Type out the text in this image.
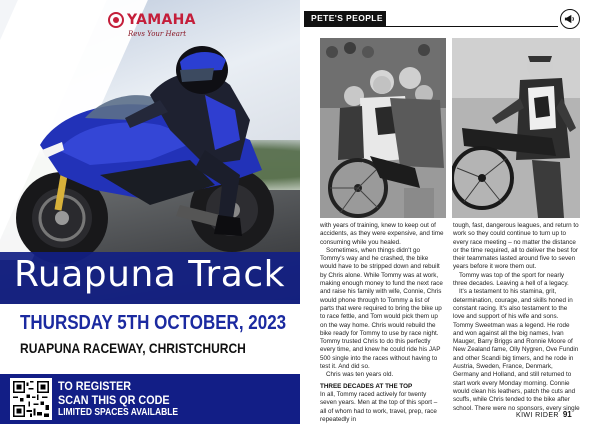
YAMAHA
Revs Your Heart
Ruapuna Track
THURSDAY 5TH OCTOBER, 2023
RUAPUNA RACEWAY, CHRISTCHURCH
TO REGISTER
SCAN THIS QR CODE
LIMITED SPACES AVAILABLE
PETE'S PEOPLE

with years of training, knew to keep out of accidents, as they were expensive, and time consuming while you healed.

Sometimes, when things didn't go Tommy's way and he crashed, the bike would have to be stripped down and rebuilt by Chris alone. While Tommy was at work, making enough money to fund the next race and raise his family with wife, Connie, Chris would phone through to Tommy a list of parts that were required to bring the bike up to race fettle, and Tom would pick them up on the way home. Chris would rebuild the bike ready for Tommy to use by race night. Tommy trusted Chris to do this perfectly every time, and knew he could ride his JAP 500 single into the races without having to test it. And did so.

Chris was ten years old.

THREE DECADES AT THE TOP

In all, Tommy raced actively for twenty seven years. Men at the top of this sport – all of whom had to work, travel, prep, race repeatedly in

tough, fast, dangerous leagues, and return to work so they could continue to turn up to every race meeting – no matter the distance or the time required, all to deliver the best for their teammates lasted around five to seven years before it wore them out.

Tommy was top of the sport for nearly three decades. Leaving a hell of a legacy.

It's a testament to his stamina, grit, determination, courage, and skills honed in constant racing. It's also testament to the love and support of his wife and sons. Tommy Sweetman was a legend. He rode and won against all the big names, Ivan Mauger, Barry Briggs and Ronnie Moore of New Zealand fame, Olly Nygren, Ove Fundin and other Scandi big timers, and he rode in Austria, Sweden, France, Denmark, Germany and Holland, and still returned to start work every Monday morning. Connie would clean his leathers, patch the cuts and scuffs, while Chris tended to the bike after school. There were no sponsors, every single

KIWI RIDER 91
